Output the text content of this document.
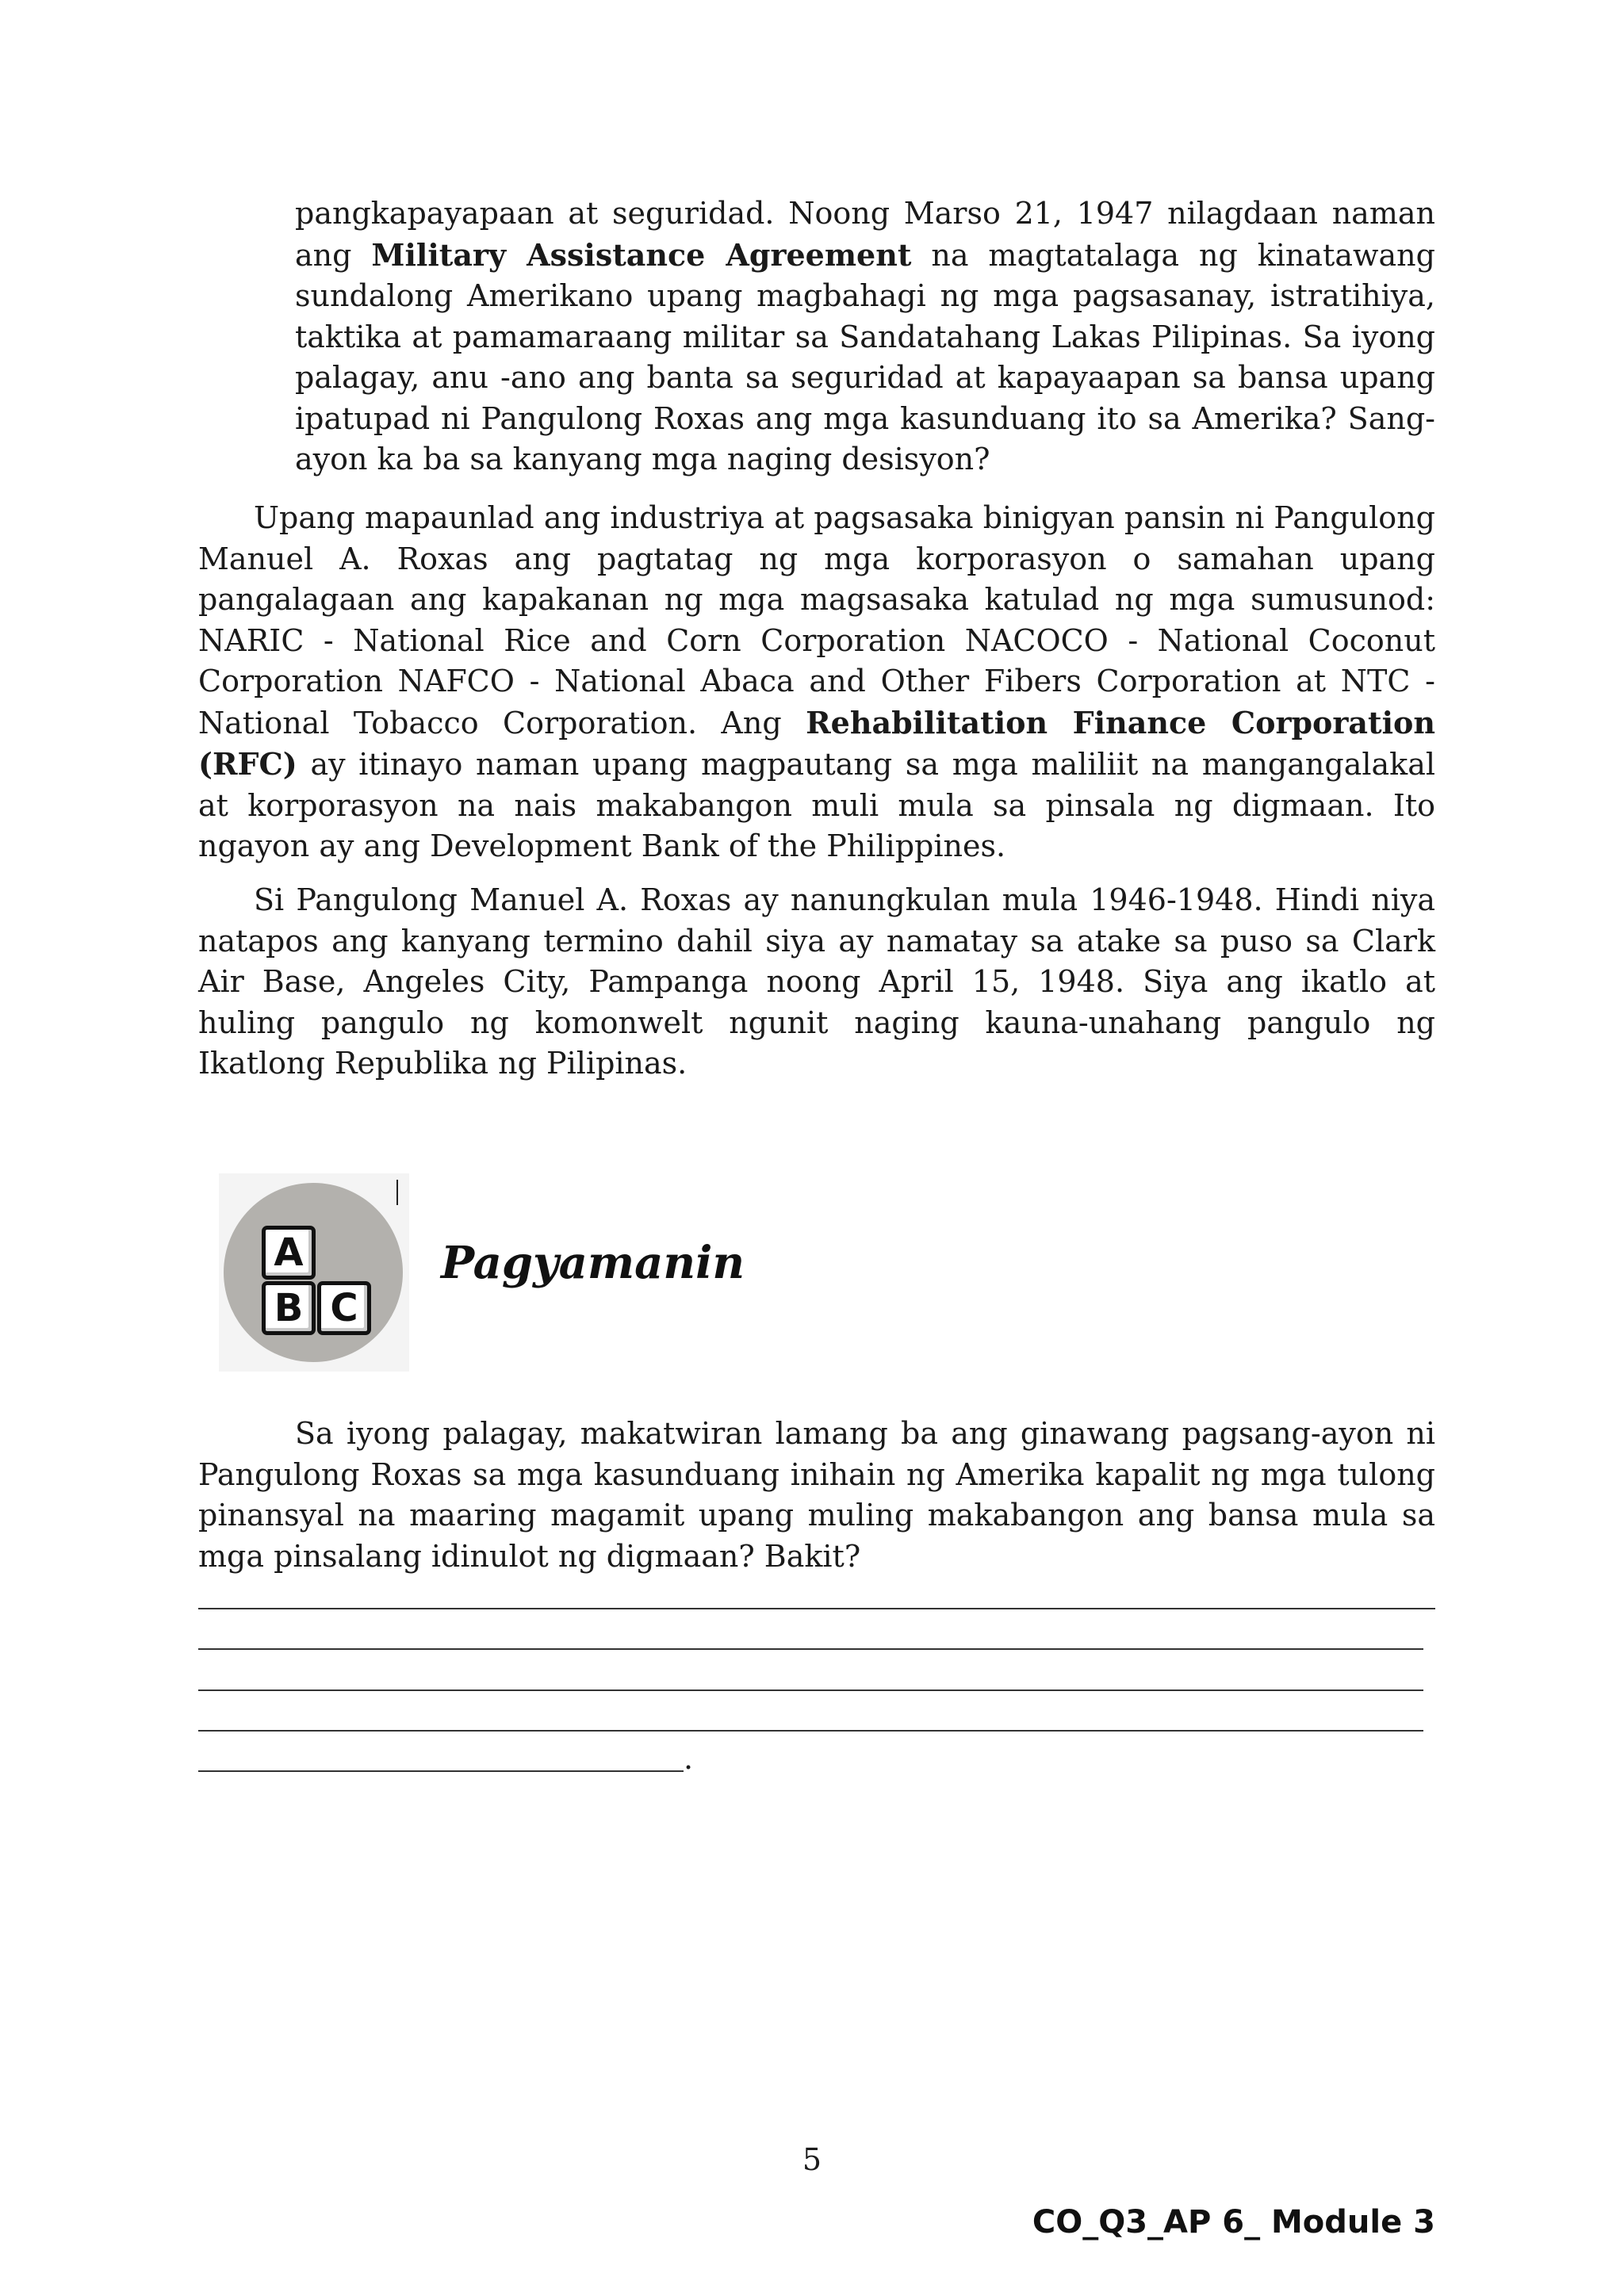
pangkapayapaan at seguridad. Noong Marso 21, 1947 nilagdaan naman ang Military Assistance Agreement na magtatalaga ng kinatawang sundalong Amerikano upang magbahagi ng mga pagsasanay, istratihiya, taktika at pamamaraang militar sa Sandatahang Lakas Pilipinas. Sa iyong palagay, anu -ano ang banta sa seguridad at kapayaapan sa bansa upang ipatupad ni Pangulong Roxas ang mga kasunduang ito sa Amerika? Sang-ayon ka ba sa kanyang mga naging desisyon?

Upang mapaunlad ang industriya at pagsasaka binigyan pansin ni Pangulong Manuel A. Roxas ang pagtatag ng mga korporasyon o samahan upang pangalagaan ang kapakanan ng mga magsasaka katulad ng mga sumusunod: NARIC - National Rice and Corn Corporation NACOCO - National Coconut Corporation NAFCO - National Abaca and Other Fibers Corporation at NTC - National Tobacco Corporation. Ang Rehabilitation Finance Corporation (RFC) ay itinayo naman upang magpautang sa mga maliliit na mangangalakal at korporasyon na nais makabangon muli mula sa pinsala ng digmaan. Ito ngayon ay ang Development Bank of the Philippines.

Si Pangulong Manuel A. Roxas ay nanungkulan mula 1946-1948. Hindi niya natapos ang kanyang termino dahil siya ay namatay sa atake sa puso sa Clark Air Base, Angeles City, Pampanga noong April 15, 1948. Siya ang ikatlo at huling pangulo ng komonwelt ngunit naging kauna-unahang pangulo ng Ikatlong Republika ng Pilipinas.

A
B C
Pagyamanin

Sa iyong palagay, makatwiran lamang ba ang ginawang pagsang-ayon ni Pangulong Roxas sa mga kasunduang inihain ng Amerika kapalit ng mga tulong pinansyal na maaring magamit upang muling makabangon ang bansa mula sa mga pinsalang idinulot ng digmaan? Bakit?

.
5
CO_Q3_AP 6_ Module 3
